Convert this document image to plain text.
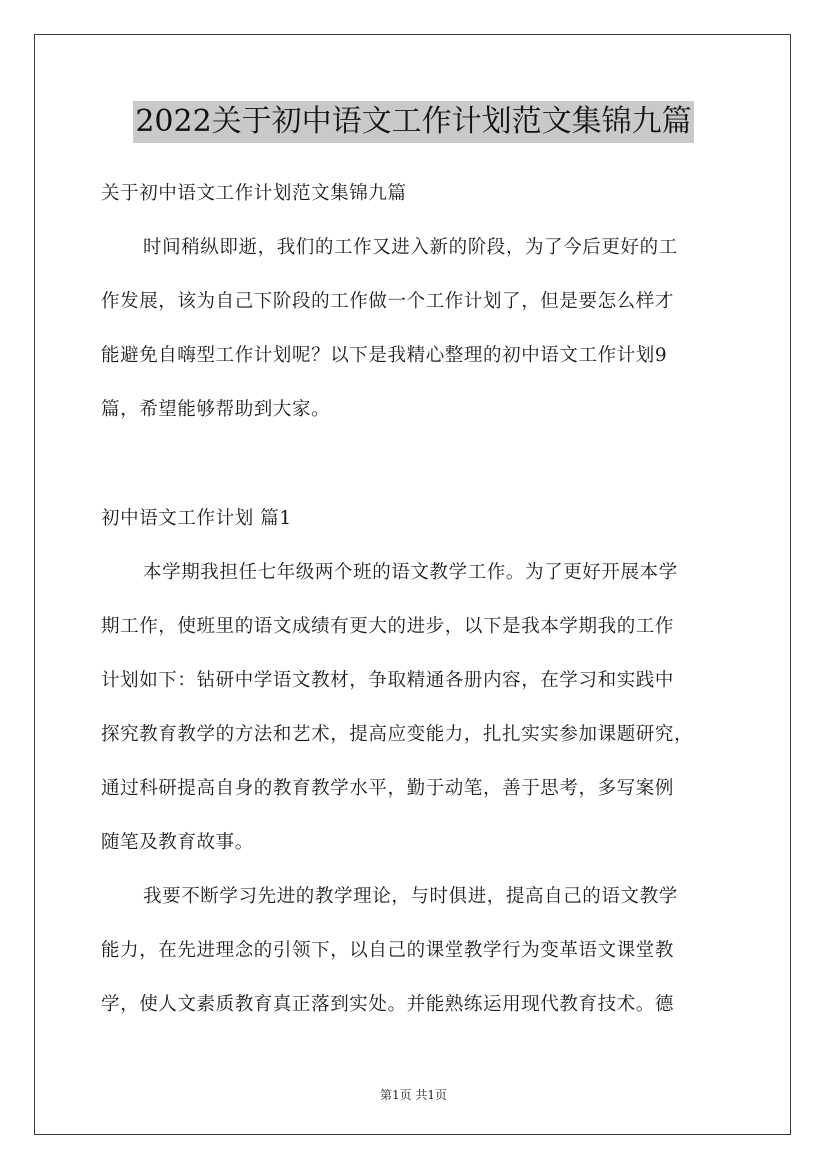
2022关于初中语文工作计划范文集锦九篇
关于初中语文工作计划范文集锦九篇
时间稍纵即逝，我们的工作又进入新的阶段，为了今后更好的工
作发展，该为自己下阶段的工作做一个工作计划了，但是要怎么样才
能避免自嗨型工作计划呢？以下是我精心整理的初中语文工作计划9
篇，希望能够帮助到大家。
初中语文工作计划 篇1
本学期我担任七年级两个班的语文教学工作。为了更好开展本学
期工作，使班里的语文成绩有更大的进步，以下是我本学期我的工作
计划如下：钻研中学语文教材，争取精通各册内容，在学习和实践中
探究教育教学的方法和艺术，提高应变能力，扎扎实实参加课题研究，
通过科研提高自身的教育教学水平，勤于动笔，善于思考，多写案例
随笔及教育故事。
我要不断学习先进的教学理论，与时俱进，提高自己的语文教学
能力，在先进理念的引领下，以自己的课堂教学行为变革语文课堂教
学，使人文素质教育真正落到实处。并能熟练运用现代教育技术。德
第1页 共1页
